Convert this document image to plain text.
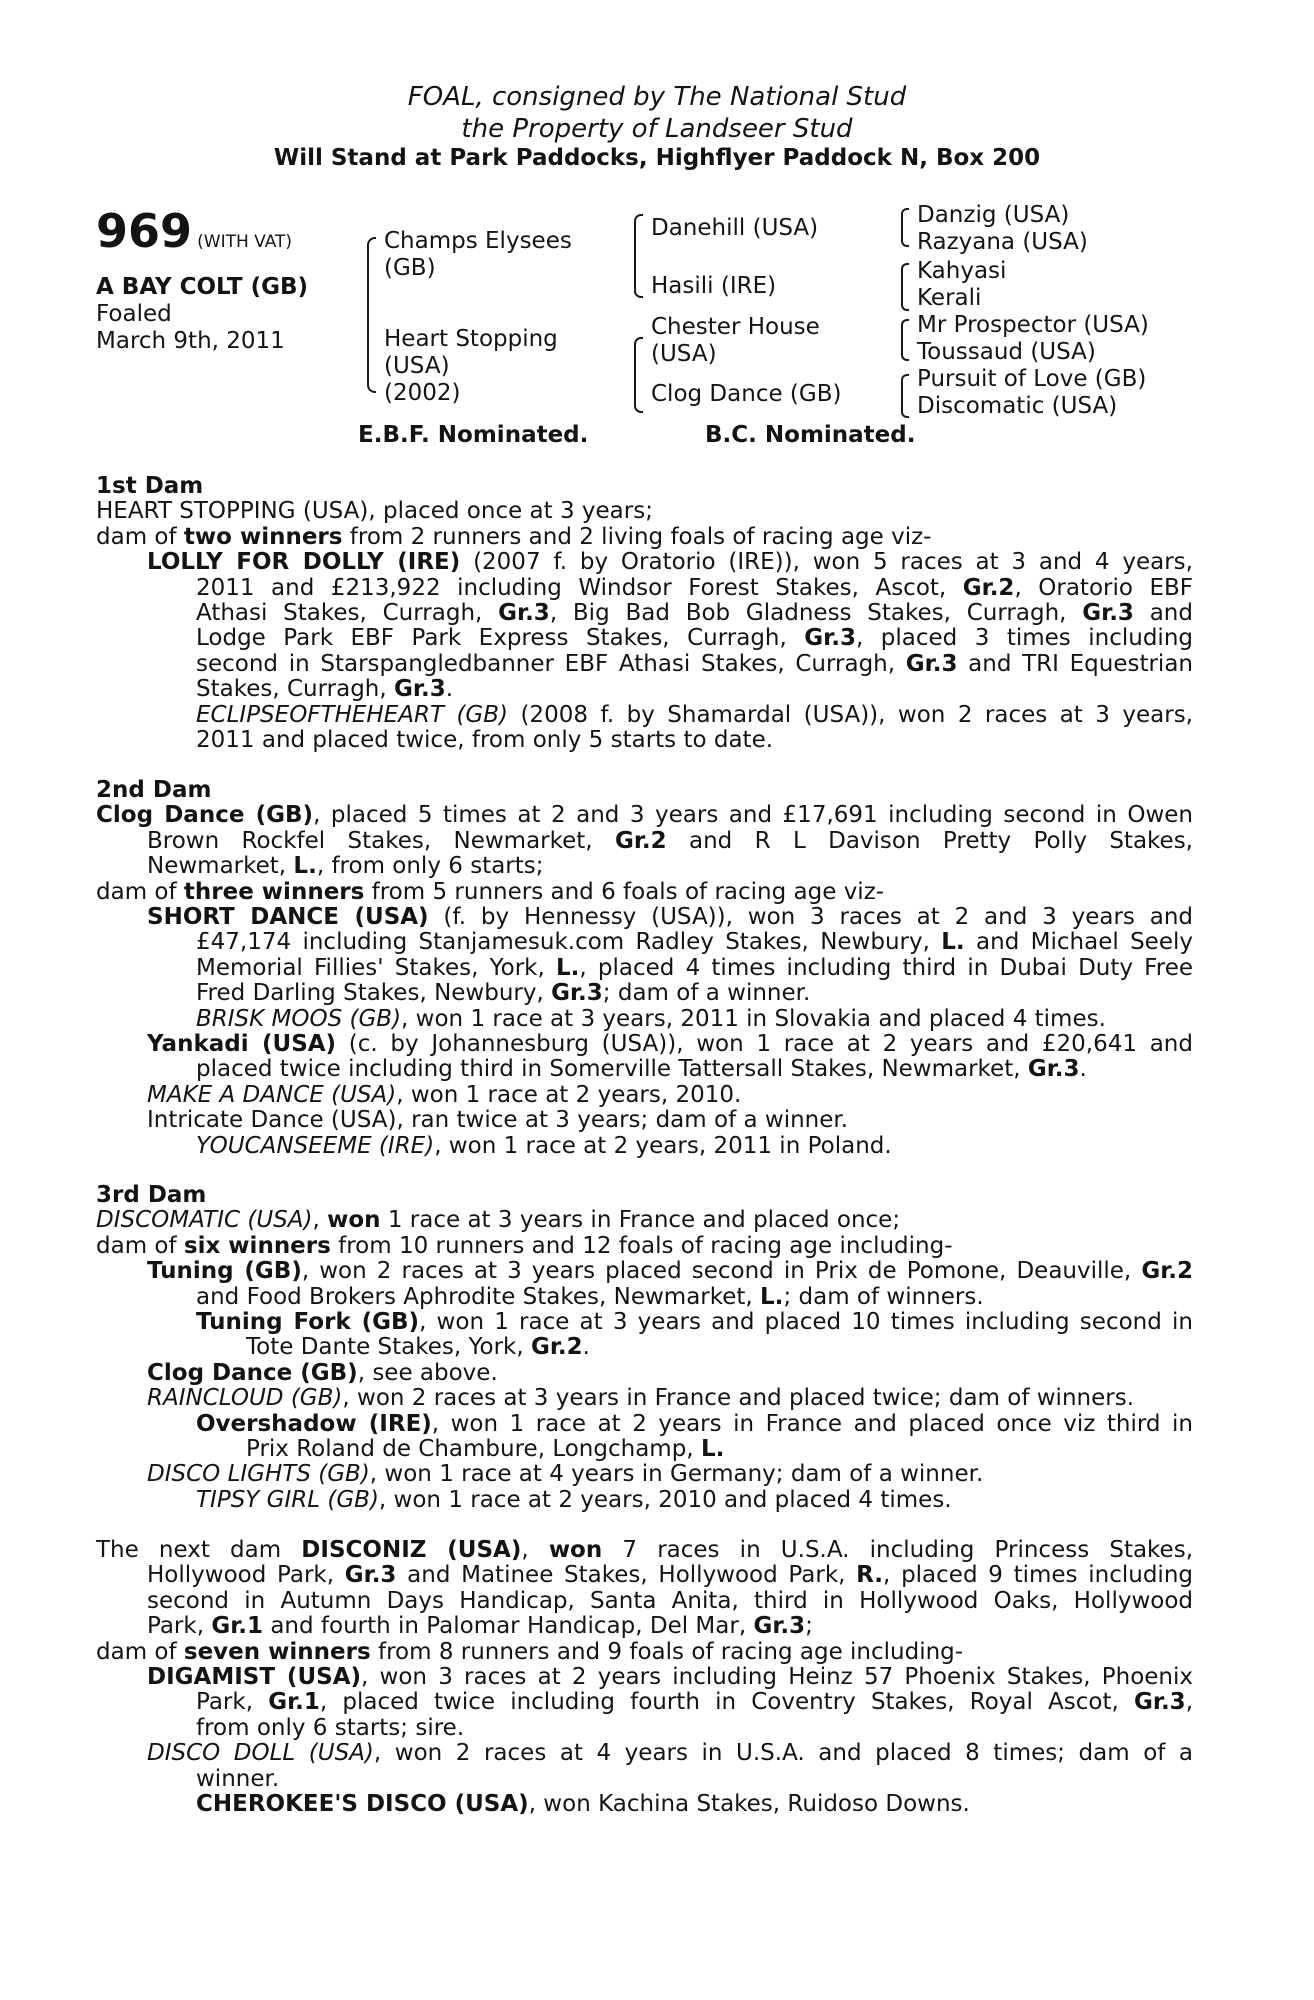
FOAL, consigned by The National Stud
the Property of Landseer Stud
Will Stand at Park Paddocks, Highflyer Paddock N, Box 200
969 (WITH VAT)
A BAY COLT (GB)
Foaled
March 9th, 2011
Champs Elysees
(GB)
Heart Stopping
(USA)
(2002)
Danehill (USA)
Hasili (IRE)
Chester House
(USA)
Clog Dance (GB)
Danzig (USA)
Razyana (USA)
Kahyasi
Kerali
Mr Prospector (USA)
Toussaud (USA)
Pursuit of Love (GB)
Discomatic (USA)
E.B.F. Nominated.	B.C. Nominated.
1st Dam
HEART STOPPING (USA), placed once at 3 years;
dam of two winners from 2 runners and 2 living foals of racing age viz-
LOLLY FOR DOLLY (IRE) (2007 f. by Oratorio (IRE)), won 5 races at 3 and 4 years,
2011 and £213,922 including Windsor Forest Stakes, Ascot, Gr.2, Oratorio EBF
Athasi Stakes, Curragh, Gr.3, Big Bad Bob Gladness Stakes, Curragh, Gr.3 and
Lodge Park EBF Park Express Stakes, Curragh, Gr.3, placed 3 times including
second in Starspangledbanner EBF Athasi Stakes, Curragh, Gr.3 and TRI Equestrian
Stakes, Curragh, Gr.3.
ECLIPSEOFTHEHEART (GB) (2008 f. by Shamardal (USA)), won 2 races at 3 years,
2011 and placed twice, from only 5 starts to date.
2nd Dam
Clog Dance (GB), placed 5 times at 2 and 3 years and £17,691 including second in Owen
Brown Rockfel Stakes, Newmarket, Gr.2 and R L Davison Pretty Polly Stakes,
Newmarket, L., from only 6 starts;
dam of three winners from 5 runners and 6 foals of racing age viz-
SHORT DANCE (USA) (f. by Hennessy (USA)), won 3 races at 2 and 3 years and
£47,174 including Stanjamesuk.com Radley Stakes, Newbury, L. and Michael Seely
Memorial Fillies' Stakes, York, L., placed 4 times including third in Dubai Duty Free
Fred Darling Stakes, Newbury, Gr.3; dam of a winner.
BRISK MOOS (GB), won 1 race at 3 years, 2011 in Slovakia and placed 4 times.
Yankadi (USA) (c. by Johannesburg (USA)), won 1 race at 2 years and £20,641 and
placed twice including third in Somerville Tattersall Stakes, Newmarket, Gr.3.
MAKE A DANCE (USA), won 1 race at 2 years, 2010.
Intricate Dance (USA), ran twice at 3 years; dam of a winner.
YOUCANSEEME (IRE), won 1 race at 2 years, 2011 in Poland.
3rd Dam
DISCOMATIC (USA), won 1 race at 3 years in France and placed once;
dam of six winners from 10 runners and 12 foals of racing age including-
Tuning (GB), won 2 races at 3 years placed second in Prix de Pomone, Deauville, Gr.2
and Food Brokers Aphrodite Stakes, Newmarket, L.; dam of winners.
Tuning Fork (GB), won 1 race at 3 years and placed 10 times including second in
Tote Dante Stakes, York, Gr.2.
Clog Dance (GB), see above.
RAINCLOUD (GB), won 2 races at 3 years in France and placed twice; dam of winners.
Overshadow (IRE), won 1 race at 2 years in France and placed once viz third in
Prix Roland de Chambure, Longchamp, L.
DISCO LIGHTS (GB), won 1 race at 4 years in Germany; dam of a winner.
TIPSY GIRL (GB), won 1 race at 2 years, 2010 and placed 4 times.
The next dam DISCONIZ (USA), won 7 races in U.S.A. including Princess Stakes,
Hollywood Park, Gr.3 and Matinee Stakes, Hollywood Park, R., placed 9 times including
second in Autumn Days Handicap, Santa Anita, third in Hollywood Oaks, Hollywood
Park, Gr.1 and fourth in Palomar Handicap, Del Mar, Gr.3;
dam of seven winners from 8 runners and 9 foals of racing age including-
DIGAMIST (USA), won 3 races at 2 years including Heinz 57 Phoenix Stakes, Phoenix
Park, Gr.1, placed twice including fourth in Coventry Stakes, Royal Ascot, Gr.3,
from only 6 starts; sire.
DISCO DOLL (USA), won 2 races at 4 years in U.S.A. and placed 8 times; dam of a
winner.
CHEROKEE'S DISCO (USA), won Kachina Stakes, Ruidoso Downs.
